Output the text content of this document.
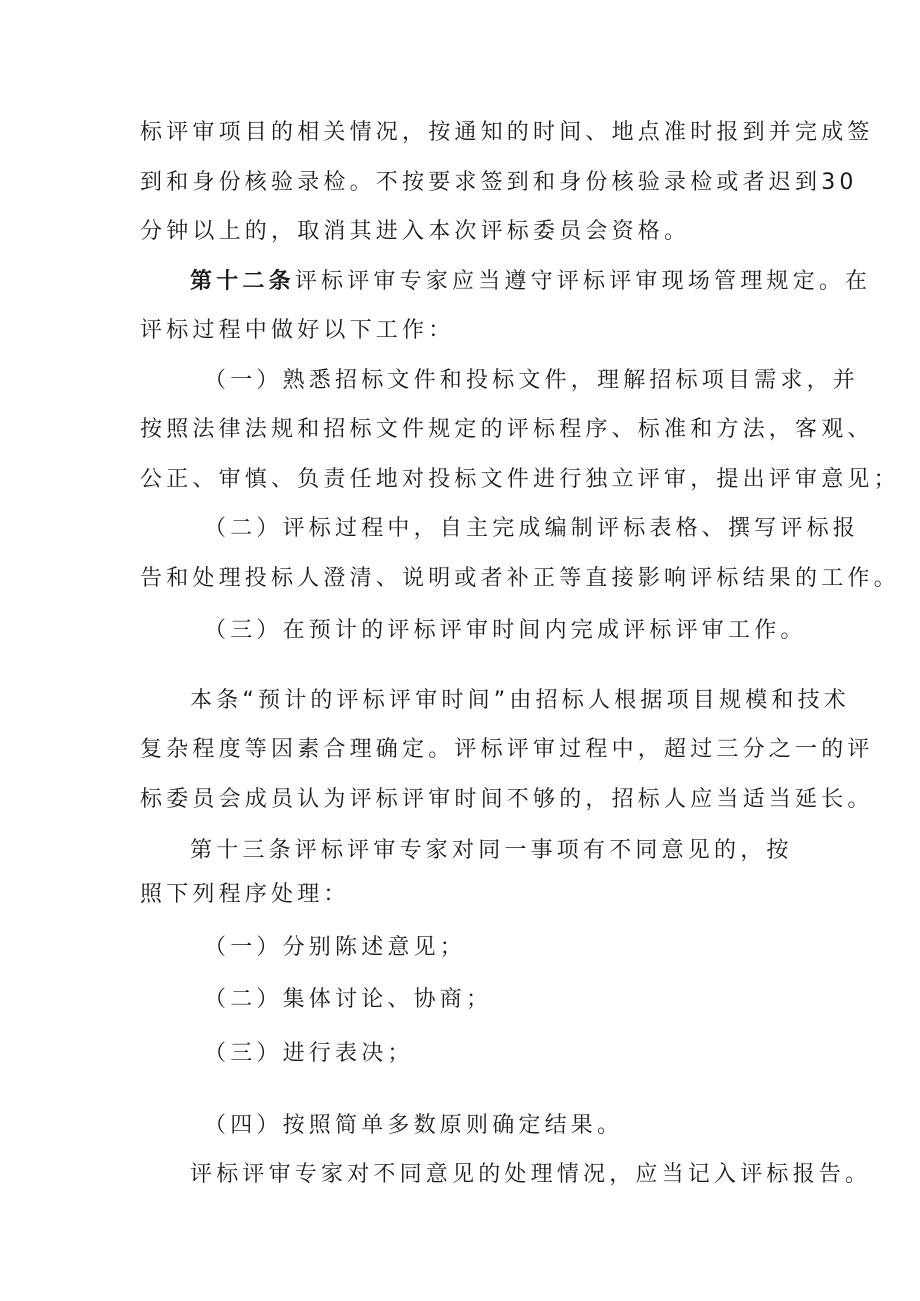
标评审项目的相关情况，按通知的时间、地点准时报到并完成签
到和身份核验录检。不按要求签到和身份核验录检或者迟到30
分钟以上的，取消其进入本次评标委员会资格。
第十二条评标评审专家应当遵守评标评审现场管理规定。在
评标过程中做好以下工作：
（一）熟悉招标文件和投标文件，理解招标项目需求，并
按照法律法规和招标文件规定的评标程序、标准和方法，客观、
公正、审慎、负责任地对投标文件进行独立评审，提出评审意见；
（二）评标过程中，自主完成编制评标表格、撰写评标报
告和处理投标人澄清、说明或者补正等直接影响评标结果的工作。
（三）在预计的评标评审时间内完成评标评审工作。
本条“预计的评标评审时间”由招标人根据项目规模和技术
复杂程度等因素合理确定。评标评审过程中，超过三分之一的评
标委员会成员认为评标评审时间不够的，招标人应当适当延长。
第十三条评标评审专家对同一事项有不同意见的，按
照下列程序处理：
（一）分别陈述意见；
（二）集体讨论、协商；
（三）进行表决；
（四）按照简单多数原则确定结果。
评标评审专家对不同意见的处理情况，应当记入评标报告。
